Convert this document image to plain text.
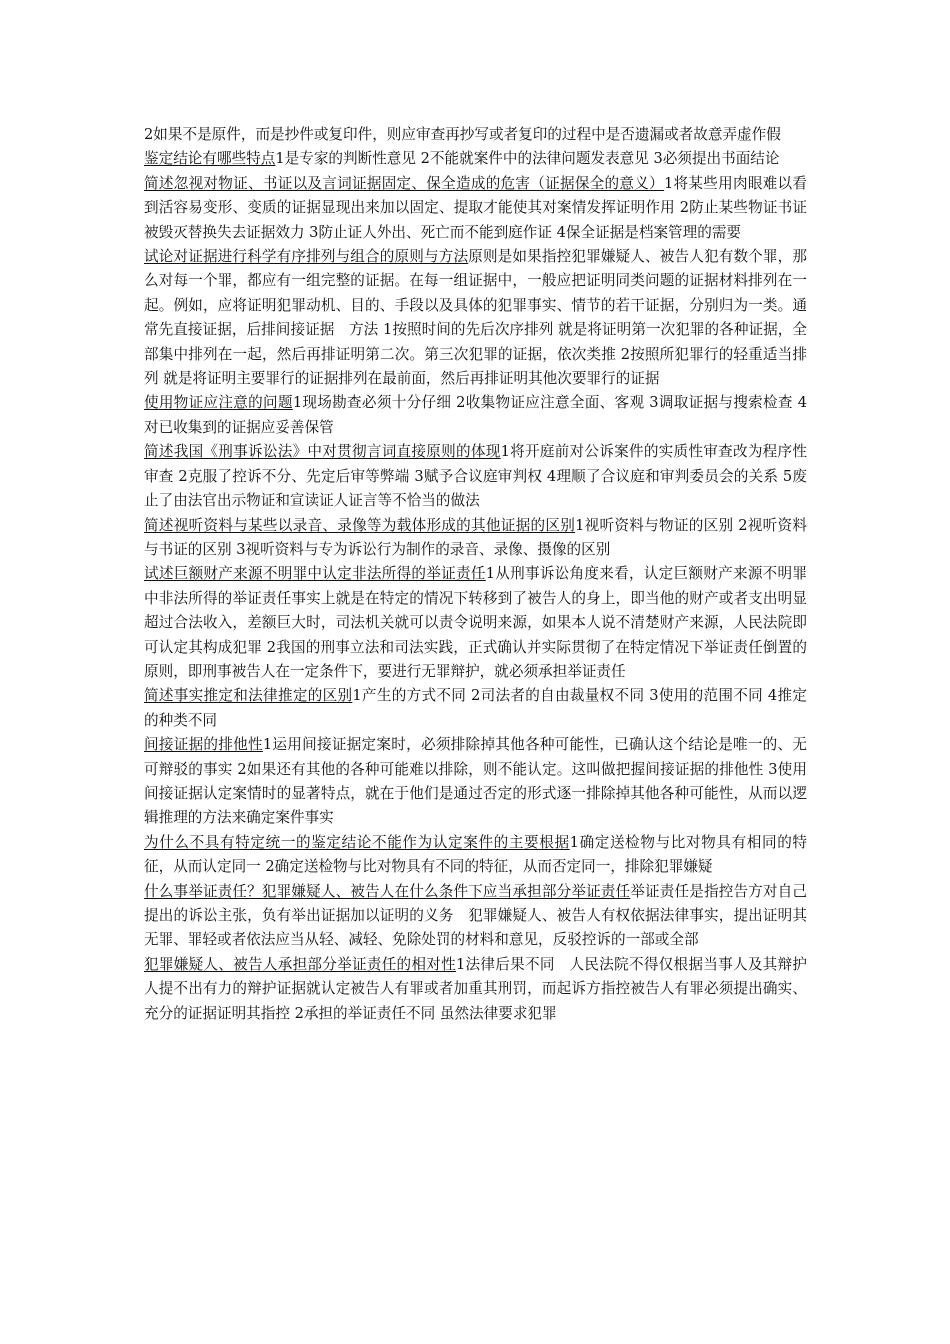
2如果不是原件，而是抄件或复印件，则应审查再抄写或者复印的过程中是否遗漏或者故意弄虚作假

鉴定结论有哪些特点1是专家的判断性意见 2不能就案件中的法律问题发表意见 3必须提出书面结论

简述忽视对物证、书证以及言词证据固定、保全造成的危害（证据保全的意义）1将某些用肉眼难以看到活容易变形、变质的证据显现出来加以固定、提取才能使其对案情发挥证明作用 2防止某些物证书证被毁灭替换失去证据效力 3防止证人外出、死亡而不能到庭作证 4保全证据是档案管理的需要

试论对证据进行科学有序排列与组合的原则与方法原则是如果指控犯罪嫌疑人、被告人犯有数个罪，那么对每一个罪，都应有一组完整的证据。在每一组证据中，一般应把证明同类问题的证据材料排列在一起。例如，应将证明犯罪动机、目的、手段以及具体的犯罪事实、情节的若干证据，分别归为一类。通常先直接证据，后排间接证据　方法 1按照时间的先后次序排列 就是将证明第一次犯罪的各种证据，全部集中排列在一起，然后再排证明第二次。第三次犯罪的证据，依次类推 2按照所犯罪行的轻重适当排列 就是将证明主要罪行的证据排列在最前面，然后再排证明其他次要罪行的证据

使用物证应注意的问题1现场勘查必须十分仔细 2收集物证应注意全面、客观 3调取证据与搜索检查 4对已收集到的证据应妥善保管

简述我国《刑事诉讼法》中对贯彻言词直接原则的体现1将开庭前对公诉案件的实质性审查改为程序性审查 2克服了控诉不分、先定后审等弊端 3赋予合议庭审判权 4理顺了合议庭和审判委员会的关系 5废止了由法官出示物证和宣读证人证言等不恰当的做法

简述视听资料与某些以录音、录像等为载体形成的其他证据的区别1视听资料与物证的区别 2视听资料与书证的区别 3视听资料与专为诉讼行为制作的录音、录像、摄像的区别

试述巨额财产来源不明罪中认定非法所得的举证责任1从刑事诉讼角度来看，认定巨额财产来源不明罪中非法所得的举证责任事实上就是在特定的情况下转移到了被告人的身上，即当他的财产或者支出明显超过合法收入，差额巨大时，司法机关就可以责令说明来源，如果本人说不清楚财产来源，人民法院即可认定其构成犯罪 2我国的刑事立法和司法实践，正式确认并实际贯彻了在特定情况下举证责任倒置的原则，即刑事被告人在一定条件下，要进行无罪辩护，就必须承担举证责任

简述事实推定和法律推定的区别1产生的方式不同 2司法者的自由裁量权不同 3使用的范围不同 4推定的种类不同

间接证据的排他性1运用间接证据定案时，必须排除掉其他各种可能性，已确认这个结论是唯一的、无可辩驳的事实 2如果还有其他的各种可能难以排除，则不能认定。这叫做把握间接证据的排他性 3使用间接证据认定案情时的显著特点，就在于他们是通过否定的形式逐一排除掉其他各种可能性，从而以逻辑推理的方法来确定案件事实

为什么不具有特定统一的鉴定结论不能作为认定案件的主要根据1确定送检物与比对物具有相同的特征，从而认定同一 2确定送检物与比对物具有不同的特征，从而否定同一，排除犯罪嫌疑

什么事举证责任？犯罪嫌疑人、被告人在什么条件下应当承担部分举证责任举证责任是指控告方对自己提出的诉讼主张，负有举出证据加以证明的义务　犯罪嫌疑人、被告人有权依据法律事实，提出证明其无罪、罪轻或者依法应当从轻、减轻、免除处罚的材料和意见，反驳控诉的一部或全部

犯罪嫌疑人、被告人承担部分举证责任的相对性1法律后果不同　人民法院不得仅根据当事人及其辩护人提不出有力的辩护证据就认定被告人有罪或者加重其刑罚，而起诉方指控被告人有罪必须提出确实、充分的证据证明其指控 2承担的举证责任不同 虽然法律要求犯罪
